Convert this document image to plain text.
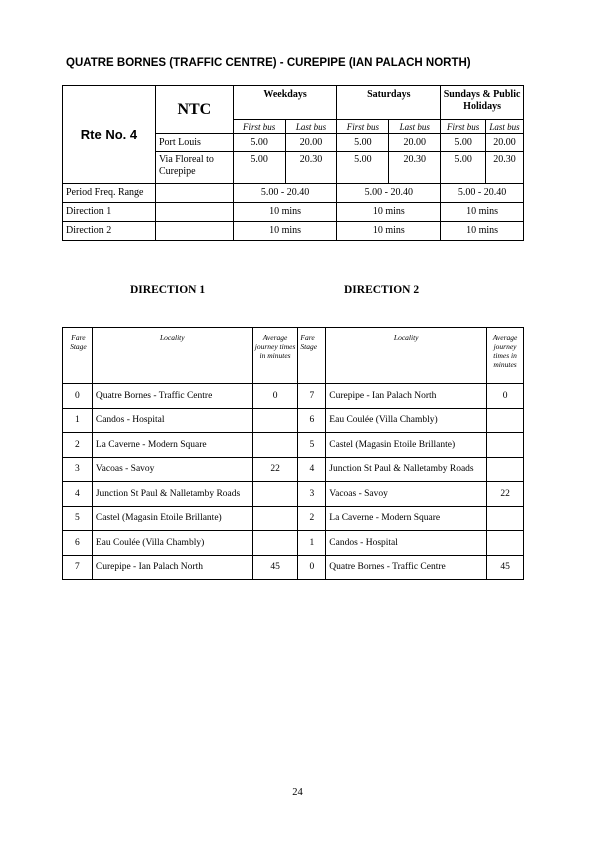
QUATRE BORNES (TRAFFIC CENTRE) - CUREPIPE (IAN PALACH NORTH)
Rte No. 4	NTC	Weekdays		Saturdays		Sundays & Public Holidays	
		First bus	Last bus	First bus	Last bus	First bus	Last bus
	Port Louis	5.00	20.00	5.00	20.00	5.00	20.00
	Via Floreal to Curepipe	5.00	20.30	5.00	20.30	5.00	20.30
Period Freq. Range		5.00 - 20.40		5.00 - 20.40		5.00 - 20.40	
Direction 1		10 mins		10 mins		10 mins	
Direction 2		10 mins		10 mins		10 mins	
DIRECTION 1	DIRECTION 2
Fare Stage	Locality	Average journey times in minutes	Fare Stage	Locality	Average journey times in minutes
0	Quatre Bornes - Traffic Centre	0	7	Curepipe - Ian Palach North	0
1	Candos - Hospital		6	Eau Coulée (Villa Chambly)	
2	La Caverne - Modern Square		5	Castel (Magasin Etoile Brillante)	
3	Vacoas - Savoy	22	4	Junction St Paul & Nalletamby Roads	
4	Junction St Paul & Nalletamby Roads		3	Vacoas - Savoy	22
5	Castel (Magasin Etoile Brillante)		2	La Caverne - Modern Square	
6	Eau Coulée (Villa Chambly)		1	Candos - Hospital	
7	Curepipe - Ian Palach North	45	0	Quatre Bornes - Traffic Centre	45
24
